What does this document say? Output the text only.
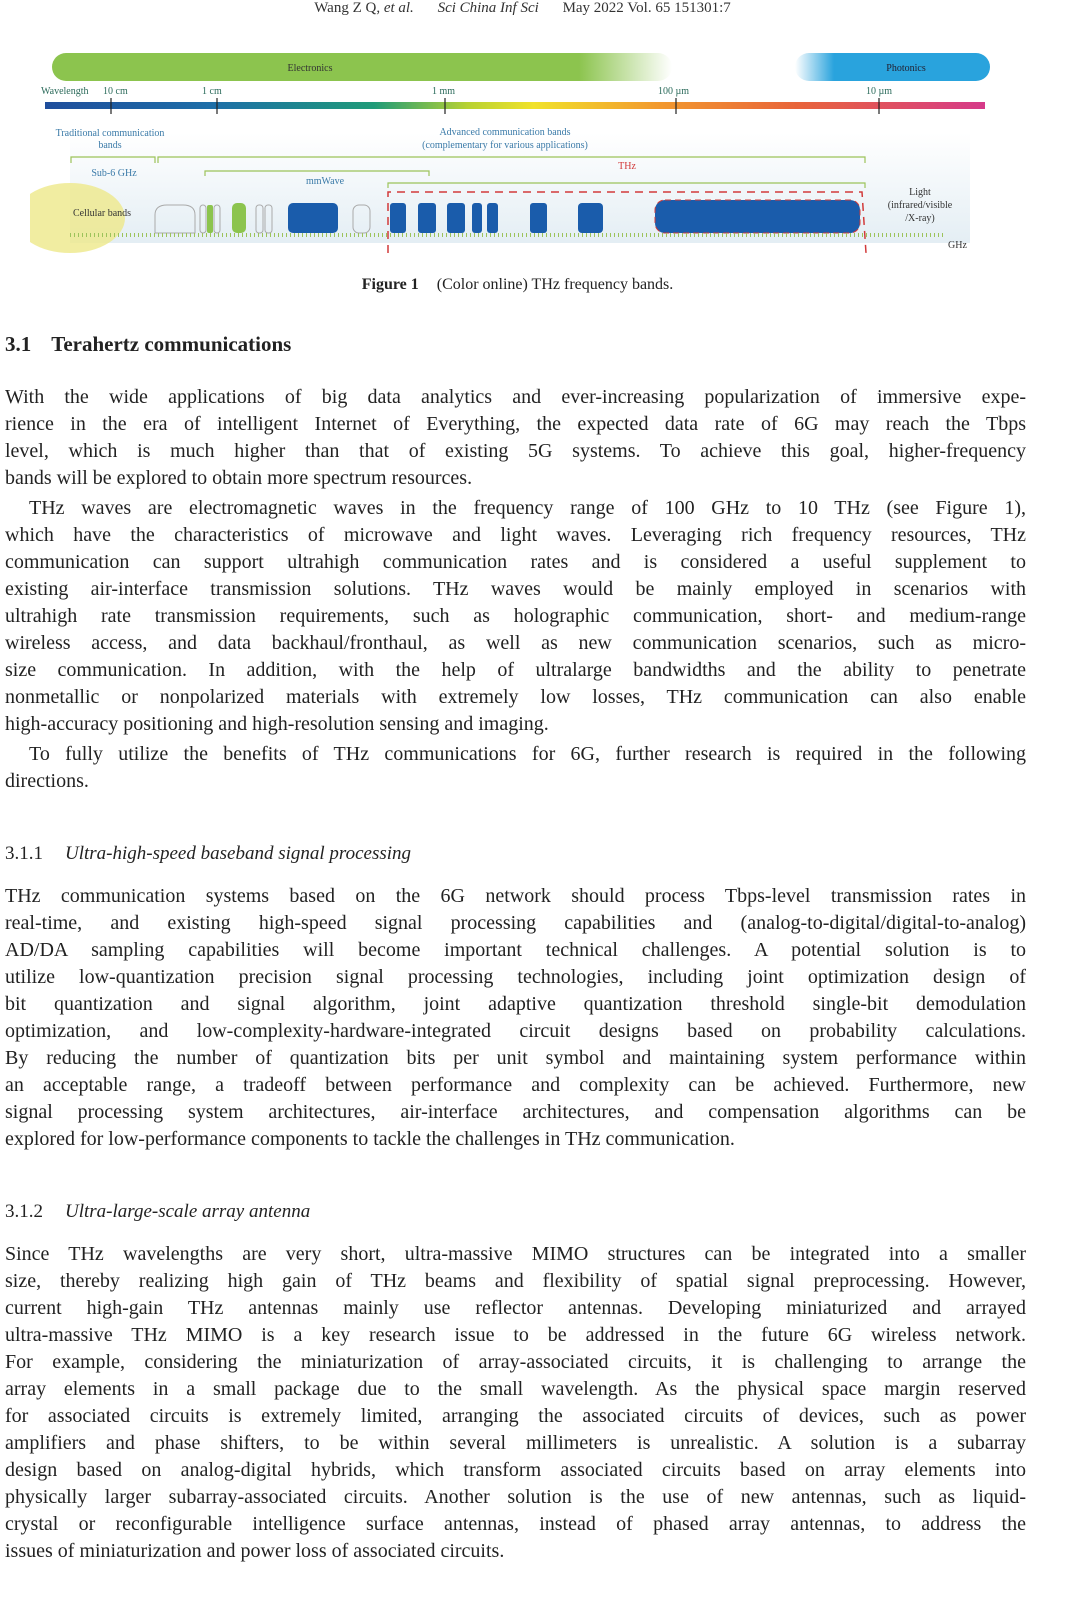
Wang Z Q, et al. Sci China Inf Sci May 2022 Vol. 65 151301:7
Electronics	Photonics
Wavelength 10 cm	1 cm	1 mm	100 µm	10 µm
Traditional communication
bands
Advanced communication bands
(complementary for various applications)
Sub-6 GHz
mmWave
THz
Cellular bands
Light
(infrared/visible
/X-ray)
GHz
Figure 1 (Color online) THz frequency bands.
3.1 Terahertz communications
With the wide applications of big data analytics and ever-increasing popularization of immersive expe-
rience in the era of intelligent Internet of Everything, the expected data rate of 6G may reach the Tbps
level, which is much higher than that of existing 5G systems. To achieve this goal, higher-frequency
bands will be explored to obtain more spectrum resources.
THz waves are electromagnetic waves in the frequency range of 100 GHz to 10 THz (see Figure 1),
which have the characteristics of microwave and light waves. Leveraging rich frequency resources, THz
communication can support ultrahigh communication rates and is considered a useful supplement to
existing air-interface transmission solutions. THz waves would be mainly employed in scenarios with
ultrahigh rate transmission requirements, such as holographic communication, short- and medium-range
wireless access, and data backhaul/fronthaul, as well as new communication scenarios, such as micro-
size communication. In addition, with the help of ultralarge bandwidths and the ability to penetrate
nonmetallic or nonpolarized materials with extremely low losses, THz communication can also enable
high-accuracy positioning and high-resolution sensing and imaging.
To fully utilize the benefits of THz communications for 6G, further research is required in the following
directions.
3.1.1 Ultra-high-speed baseband signal processing
THz communication systems based on the 6G network should process Tbps-level transmission rates in
real-time, and existing high-speed signal processing capabilities and (analog-to-digital/digital-to-analog)
AD/DA sampling capabilities will become important technical challenges. A potential solution is to
utilize low-quantization precision signal processing technologies, including joint optimization design of
bit quantization and signal algorithm, joint adaptive quantization threshold single-bit demodulation
optimization, and low-complexity-hardware-integrated circuit designs based on probability calculations.
By reducing the number of quantization bits per unit symbol and maintaining system performance within
an acceptable range, a tradeoff between performance and complexity can be achieved. Furthermore, new
signal processing system architectures, air-interface architectures, and compensation algorithms can be
explored for low-performance components to tackle the challenges in THz communication.
3.1.2 Ultra-large-scale array antenna
Since THz wavelengths are very short, ultra-massive MIMO structures can be integrated into a smaller
size, thereby realizing high gain of THz beams and flexibility of spatial signal preprocessing. However,
current high-gain THz antennas mainly use reflector antennas. Developing miniaturized and arrayed
ultra-massive THz MIMO is a key research issue to be addressed in the future 6G wireless network.
For example, considering the miniaturization of array-associated circuits, it is challenging to arrange the
array elements in a small package due to the small wavelength. As the physical space margin reserved
for associated circuits is extremely limited, arranging the associated circuits of devices, such as power
amplifiers and phase shifters, to be within several millimeters is unrealistic. A solution is a subarray
design based on analog-digital hybrids, which transform associated circuits based on array elements into
physically larger subarray-associated circuits. Another solution is the use of new antennas, such as liquid-
crystal or reconfigurable intelligence surface antennas, instead of phased array antennas, to address the
issues of miniaturization and power loss of associated circuits.
